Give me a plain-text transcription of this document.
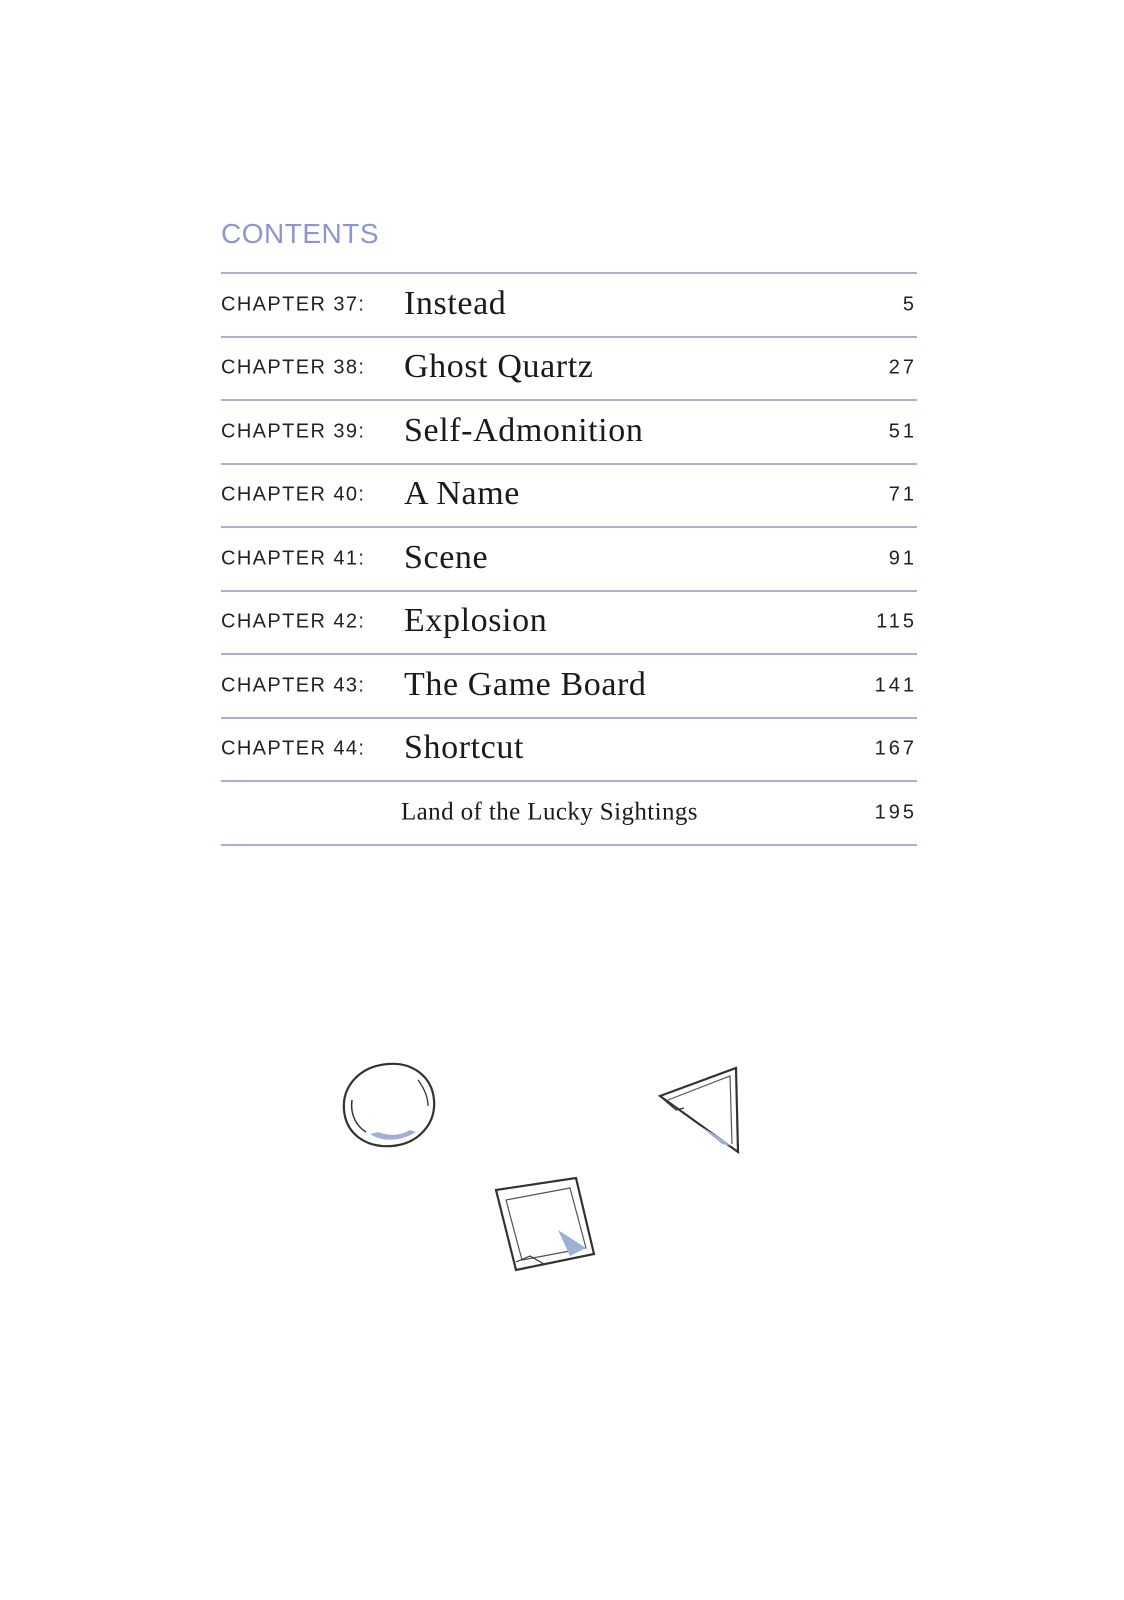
CONTENTS
CHAPTER 37: Instead	5
CHAPTER 38: Ghost Quartz	27
CHAPTER 39: Self-Admonition	51
CHAPTER 40: A Name	71
CHAPTER 41: Scene	91
CHAPTER 42: Explosion	115
CHAPTER 43: The Game Board	141
CHAPTER 44: Shortcut	167
Land of the Lucky Sightings	195
